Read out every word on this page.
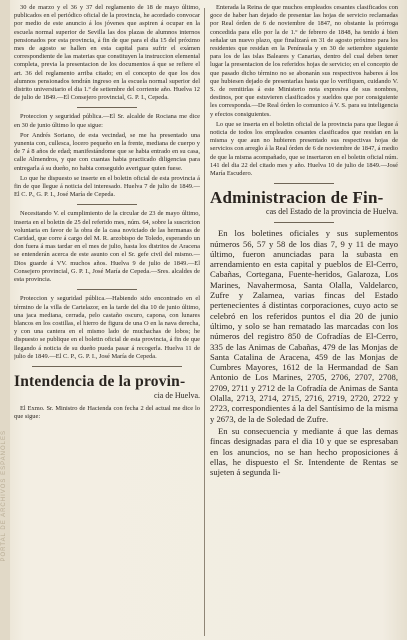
PORTAL DE ARCHIVOS ESPAÑOLES

30 de marzo y el 36 y 37 del reglamento de 18 de mayo último, publicados en el periódico oficial de la provincia, he acordado convocar por medio de este anuncio á los jóvenes que aspiren á ocupar en la escuela normal superior de Sevilla las dos plazas de alumnos internos pensionados por esta provincia, á fin de que para el dia 15 del próximo mes de agosto se hallen en esta capital para sufrir el exámen correspondiente de las materias que constituyen la instruccion elemental completa, previa la presentacion de los documentos á que se refiere el art. 36 del reglamento arriba citado; en el concepto de que los dos alumnos pensionados tendrán ingreso en la escuela normal superior del distrito universitario el dia 1.º de setiembre del corriente año. Huelva 12 de julio de 1849.—El Consejero provincial, G. P. I., Cepeda.

Proteccion y seguridad pública.—El Sr. alcalde de Rociana me dice en 30 de junio último lo que sigue:

Por Andrés Soriano, de esta vecindad, se me ha presentado una yunenta con, cullesca, locero pequeño en la frente, mediana de cuerpo y de 7 á 8 años de edad; manifestándome que se habia entrado en su casa, calle Almendros, y que con cuantas habia practicado diligencias para entregarla á su dueño, no habia conseguido averiguar quien fuese.

Lo que he dispuesto se inserte en el boletin oficial de esta provincia á fin de que llegue á noticia del interesado. Huelva 7 de julio de 1849.—El C. P., G. P. I., José María de Cepeda.

Necesitando V. el cumplimiento de la circular de 23 de mayo último, inserta en el boletin de 25 del referido mes, núm. 64, sobre la suscricion voluntaria en favor de la obra de la casa noviciado de las hermanas de Caridad, que corre á cargo del M. R. arzobispo de Toledo, esperando un don fuera á mas tardar en el mes de julio, hasta los distritos de Aracena se entenderán acerca de este asunto con el Sr. gefe civil del mismo.—Dios guarde á VV. muchos años. Huelva 9 de julio de 1849.—El Consejero provincial, G. P. I., José María de Cepeda.—Sres. alcaldes de esta provincia.

Proteccion y seguridad pública.—Habiendo sido encontrado en el término de la villa de Cartelazor, en la tarde del dia 10 de junio último, una jaca mediana, cerrada, pelo castaño oscuro, capona, con lunares blancos en los costillas, el hierro de figura de una O en la nava derecha, y con una cantera en el mismo lado de muchachas de lobos; he dispuesto se publique en el boletin oficial de esta provincia, á fin de que llegando á noticia de su dueño pueda pasar á recogerla. Huelva 11 de julio de 1849.—El C. P., G. P. I., José María de Cepeda.

Intendencia de la provin-
cia de Huelva.

El Exmo. Sr. Ministro de Hacienda con fecha 2 del actual me dice lo que sigue:

Enterada la Reina de que muchos empleados cesantes clasificados con goce de haber han dejado de presentar las hojas de servicio reclamadas por Real órden de 6 de noviembre de 1847, no obstante la prórroga concedida para ello por la de 1.º de febrero de 1848, ha tenido á bien señalar un nuevo plazo, que finalizará en 31 de agosto próximo para los residentes que residan en la Península y en 30 de setiembre siguiente para los de las islas Baleares y Canarias, dentro del cual deben tener lugar la presentacion de los referidos hojas de servicio; en el concepto de que pasado dicho término no se abonarán sus respectivos haberes á los que hubiesen dejado de presentarlas hasta que lo verifiquen, cuidando V. S. de remitirlas á este Ministerio nota expresiva de sus nombres, destinos, por que estuvieren clasificados y sueldos que por consiguiente les corresponda.—De Real órden lo comunico á V. S. para su inteligencia y efectos consiguientes.

Lo que se inserta en el boletin oficial de la provincia para que llegue á noticia de todos los empleados cesantes clasificados que residan en la misma y que aun no hubieren presentado sus respectivas hojas de servicios con arreglo á la Real órden de 6 de noviembre de 1847, á medio de que la misma acompañado, que se insertaron en el boletin oficial núm. 141 del dia 22 del citado mes y año. Huelva 10 de julio de 1849.—José María Escudero.

Administracion de Fin-
cas del Estado de la provincia de Huelva.

En los boletines oficiales y sus suplementos números 56, 57 y 58 de los dias 7, 9 y 11 de mayo último, fueron anunciadas para la subasta en arrendamiento en esta capital y pueblos de El-Cerro, Cabañas, Cortegana, Fuente-heridos, Galaroza, Los Marines, Navahermosa, Santa Olalla, Valdelarco, Zufre y Zalamea, varias fincas del Estado pertenecientes á distintas corporaciones, cuyo acto se celebró en los referidos puntos el dia 20 de junio último, y solo se han rematado las marcadas con los números del registro 850 de Cofradías de El-Cerro, 335 de las Animas de Cabañas, 479 de las Monjas de Santa Catalina de Aracena, 459 de las Monjas de Cumbres Mayores, 1612 de la Hermandad de San Antonio de Los Marines, 2705, 2706, 2707, 2708, 2709, 2711 y 2712 de la Cofradía de Animas de Santa Olalla, 2713, 2714, 2715, 2716, 2719, 2720, 2722 y 2723, correspondientes á la del Santísimo de la misma y 2673, de la de Soledad de Zufre.

En su consecuencia y mediante á que las demas fincas designadas para el dia 10 y que se espresaban en los anuncios, no se han hecho proposiciones á ellas, he dispuesto el Sr. Intendente de Rentas se sujeten á segunda li-
